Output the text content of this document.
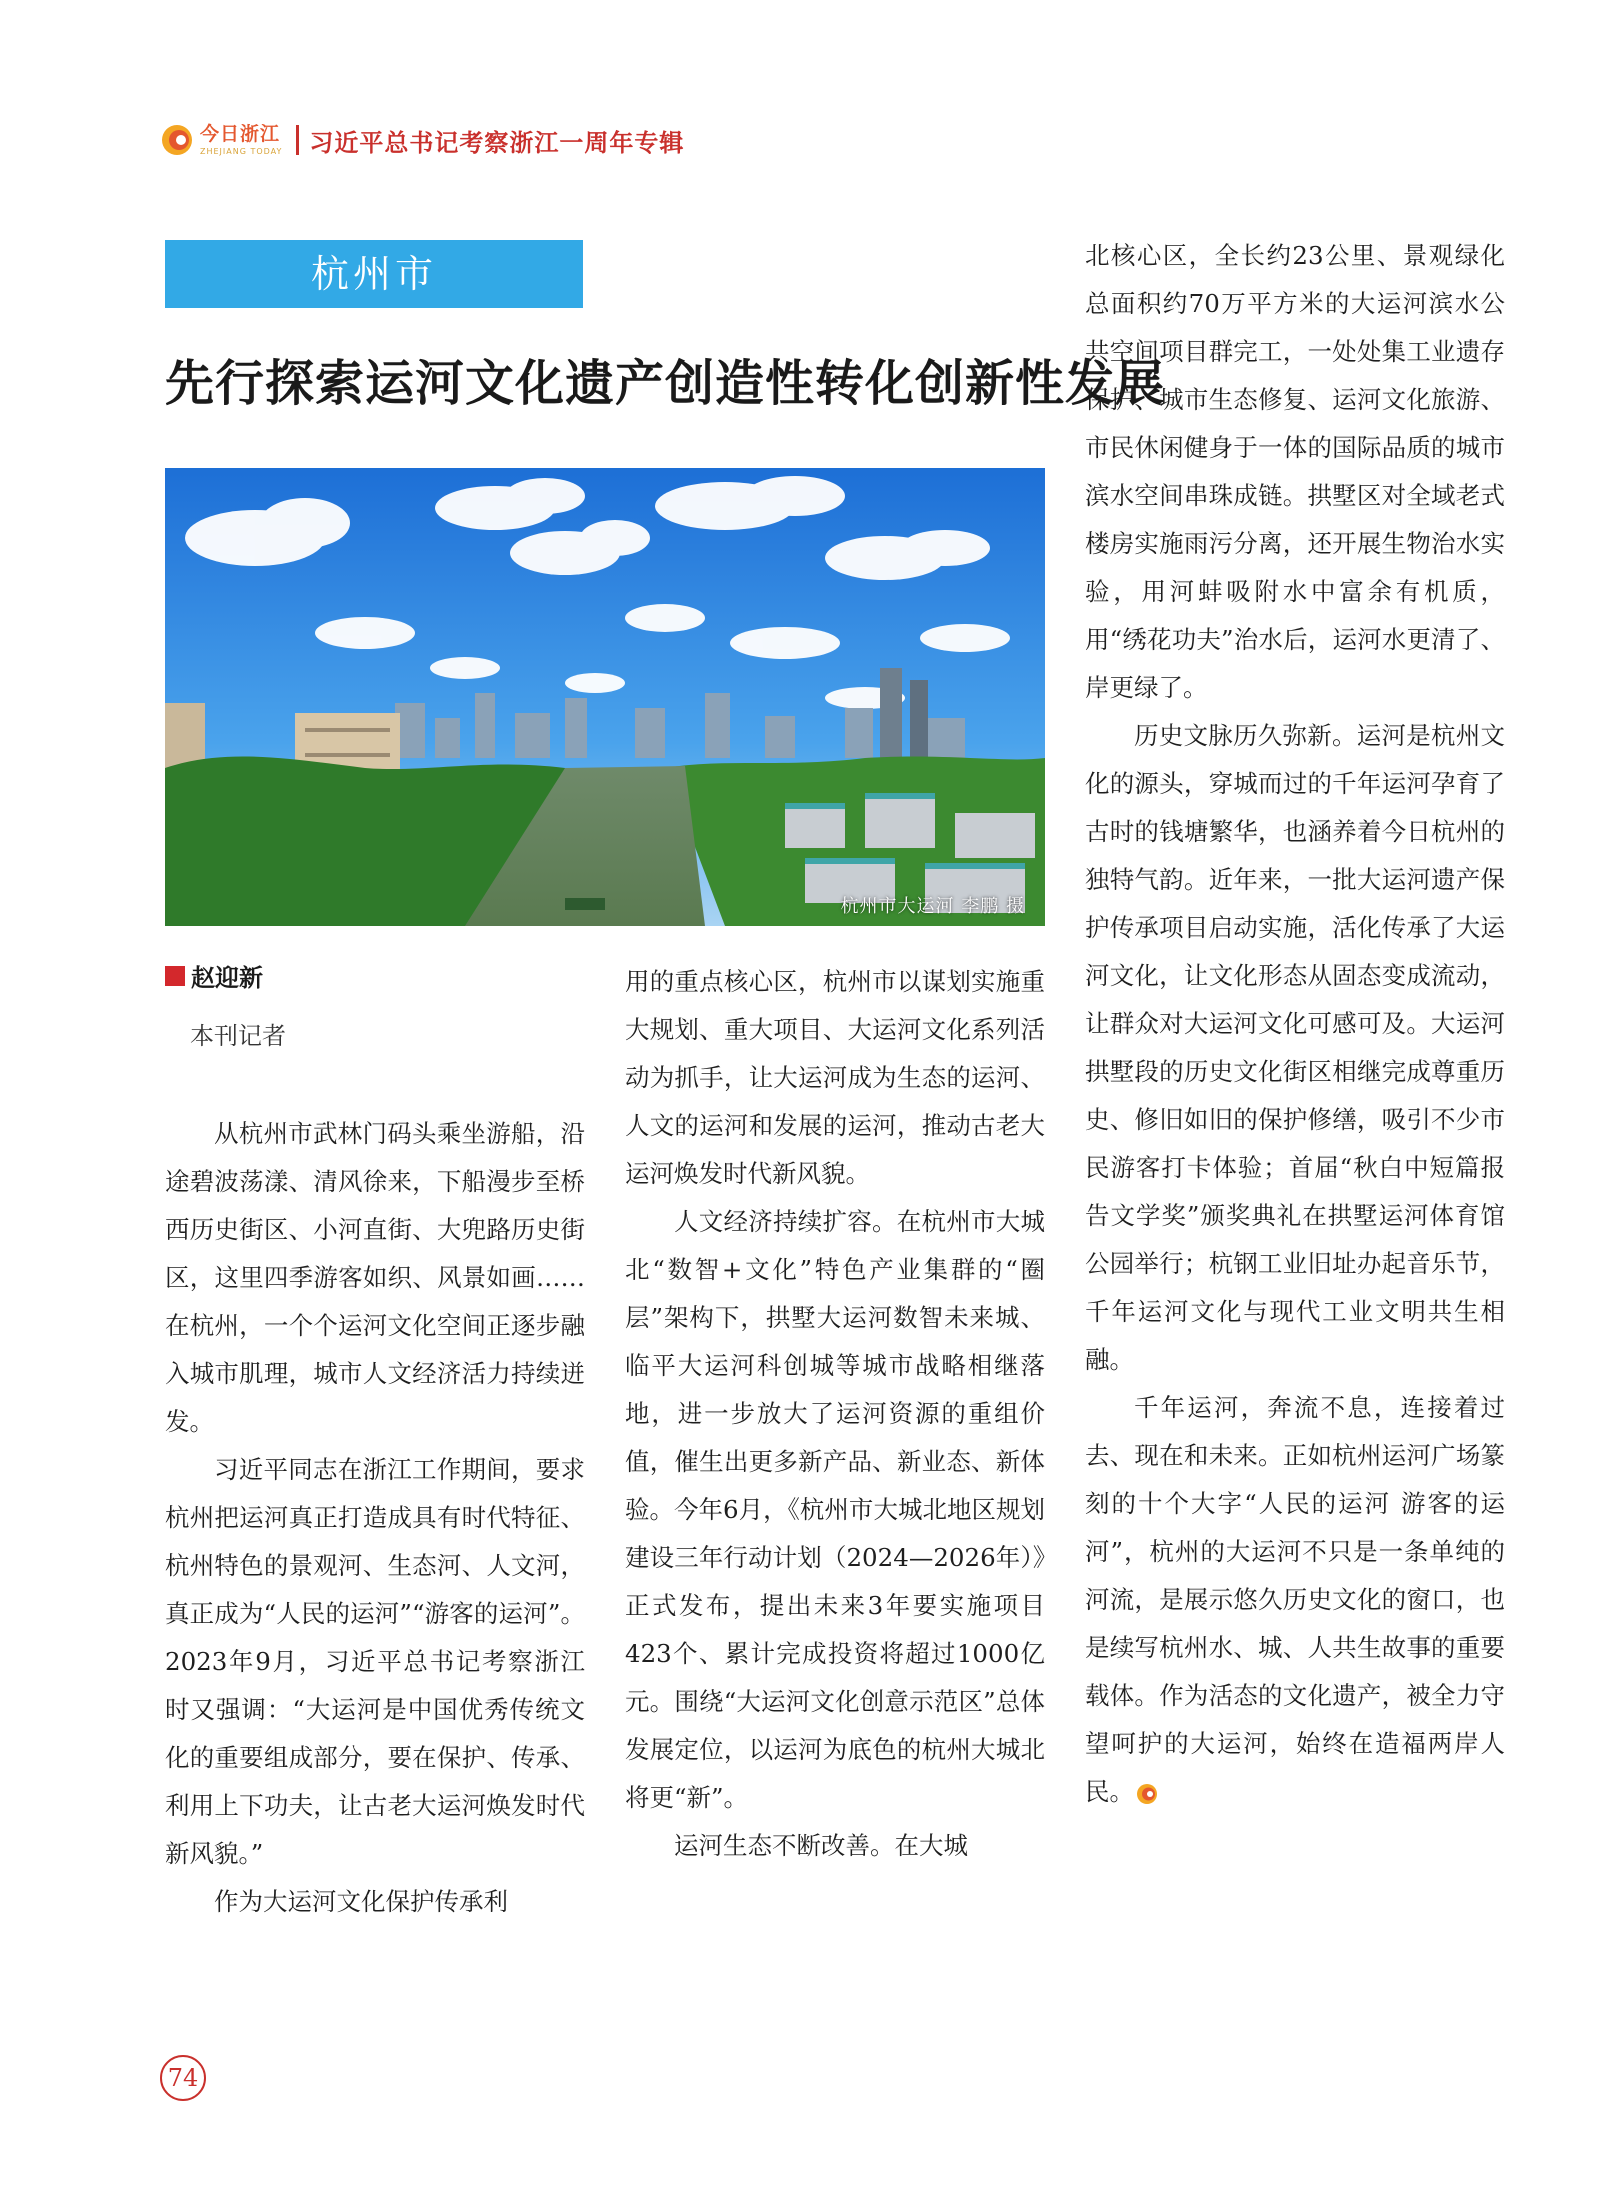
今日浙江
ZHEJIANG TODAY 习近平总书记考察浙江一周年专辑
杭州市
先行探索运河文化遗产创造性转化创新性发展
杭州市大运河 李鹏 摄
赵迎新
本刊记者

从杭州市武林门码头乘坐游船，沿途碧波荡漾、清风徐来，下船漫步至桥西历史街区、小河直街、大兜路历史街区，这里四季游客如织、风景如画……在杭州，一个个运河文化空间正逐步融入城市肌理，城市人文经济活力持续迸发。

习近平同志在浙江工作期间，要求杭州把运河真正打造成具有时代特征、杭州特色的景观河、生态河、人文河，真正成为“人民的运河”“游客的运河”。2023年9月，习近平总书记考察浙江时又强调：“大运河是中国优秀传统文化的重要组成部分，要在保护、传承、利用上下功夫，让古老大运河焕发时代新风貌。”

作为大运河文化保护传承利

用的重点核心区，杭州市以谋划实施重大规划、重大项目、大运河文化系列活动为抓手，让大运河成为生态的运河、人文的运河和发展的运河，推动古老大运河焕发时代新风貌。

人文经济持续扩容。在杭州市大城北“数智+文化”特色产业集群的“圈层”架构下，拱墅大运河数智未来城、临平大运河科创城等城市战略相继落地，进一步放大了运河资源的重组价值，催生出更多新产品、新业态、新体验。今年6月，《杭州市大城北地区规划建设三年行动计划（2024—2026年）》正式发布，提出未来3年要实施项目423个、累计完成投资将超过1000亿元。围绕“大运河文化创意示范区”总体发展定位，以运河为底色的杭州大城北将更“新”。

运河生态不断改善。在大城

北核心区，全长约23公里、景观绿化总面积约70万平方米的大运河滨水公共空间项目群完工，一处处集工业遗存保护、城市生态修复、运河文化旅游、市民休闲健身于一体的国际品质的城市滨水空间串珠成链。拱墅区对全域老式楼房实施雨污分离，还开展生物治水实验，用河蚌吸附水中富余有机质，用“绣花功夫”治水后，运河水更清了、岸更绿了。

历史文脉历久弥新。运河是杭州文化的源头，穿城而过的千年运河孕育了古时的钱塘繁华，也涵养着今日杭州的独特气韵。近年来，一批大运河遗产保护传承项目启动实施，活化传承了大运河文化，让文化形态从固态变成流动，让群众对大运河文化可感可及。大运河拱墅段的历史文化街区相继完成尊重历史、修旧如旧的保护修缮，吸引不少市民游客打卡体验；首届“秋白中短篇报告文学奖”颁奖典礼在拱墅运河体育馆公园举行；杭钢工业旧址办起音乐节，千年运河文化与现代工业文明共生相融。

千年运河，奔流不息，连接着过去、现在和未来。正如杭州运河广场篆刻的十个大字“人民的运河 游客的运河”，杭州的大运河不只是一条单纯的河流，是展示悠久历史文化的窗口，也是续写杭州水、城、人共生故事的重要载体。作为活态的文化遗产，被全力守望呵护的大运河，始终在造福两岸人民。

74
